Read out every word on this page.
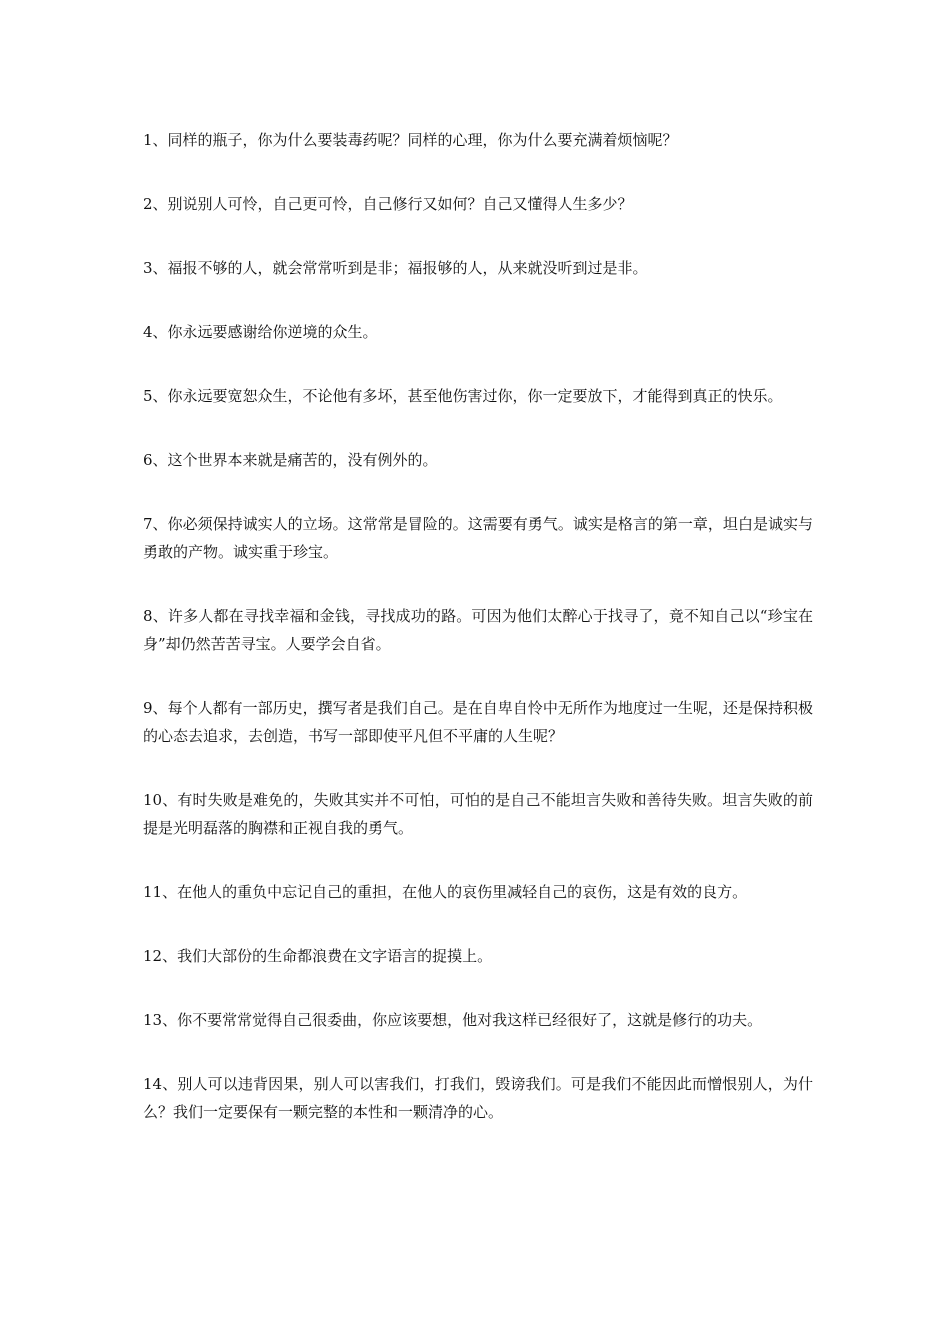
1、同样的瓶子，你为什么要装毒药呢？同样的心理，你为什么要充满着烦恼呢？

2、别说别人可怜，自己更可怜，自己修行又如何？自己又懂得人生多少？

3、福报不够的人，就会常常听到是非；福报够的人，从来就没听到过是非。

4、你永远要感谢给你逆境的众生。

5、你永远要宽恕众生，不论他有多坏，甚至他伤害过你，你一定要放下，才能得到真正的快乐。

6、这个世界本来就是痛苦的，没有例外的。

7、你必须保持诚实人的立场。这常常是冒险的。这需要有勇气。诚实是格言的第一章，坦白是诚实与勇敢的产物。诚实重于珍宝。

8、许多人都在寻找幸福和金钱，寻找成功的路。可因为他们太醉心于找寻了，竟不知自己以“珍宝在身”却仍然苦苦寻宝。人要学会自省。

9、每个人都有一部历史，撰写者是我们自己。是在自卑自怜中无所作为地度过一生呢，还是保持积极的心态去追求，去创造，书写一部即使平凡但不平庸的人生呢？

10、有时失败是难免的，失败其实并不可怕，可怕的是自己不能坦言失败和善待失败。坦言失败的前提是光明磊落的胸襟和正视自我的勇气。

11、在他人的重负中忘记自己的重担，在他人的哀伤里减轻自己的哀伤，这是有效的良方。

12、我们大部份的生命都浪费在文字语言的捉摸上。

13、你不要常常觉得自己很委曲，你应该要想，他对我这样已经很好了，这就是修行的功夫。

14、别人可以违背因果，别人可以害我们，打我们，毁谤我们。可是我们不能因此而憎恨别人，为什么？我们一定要保有一颗完整的本性和一颗清净的心。
